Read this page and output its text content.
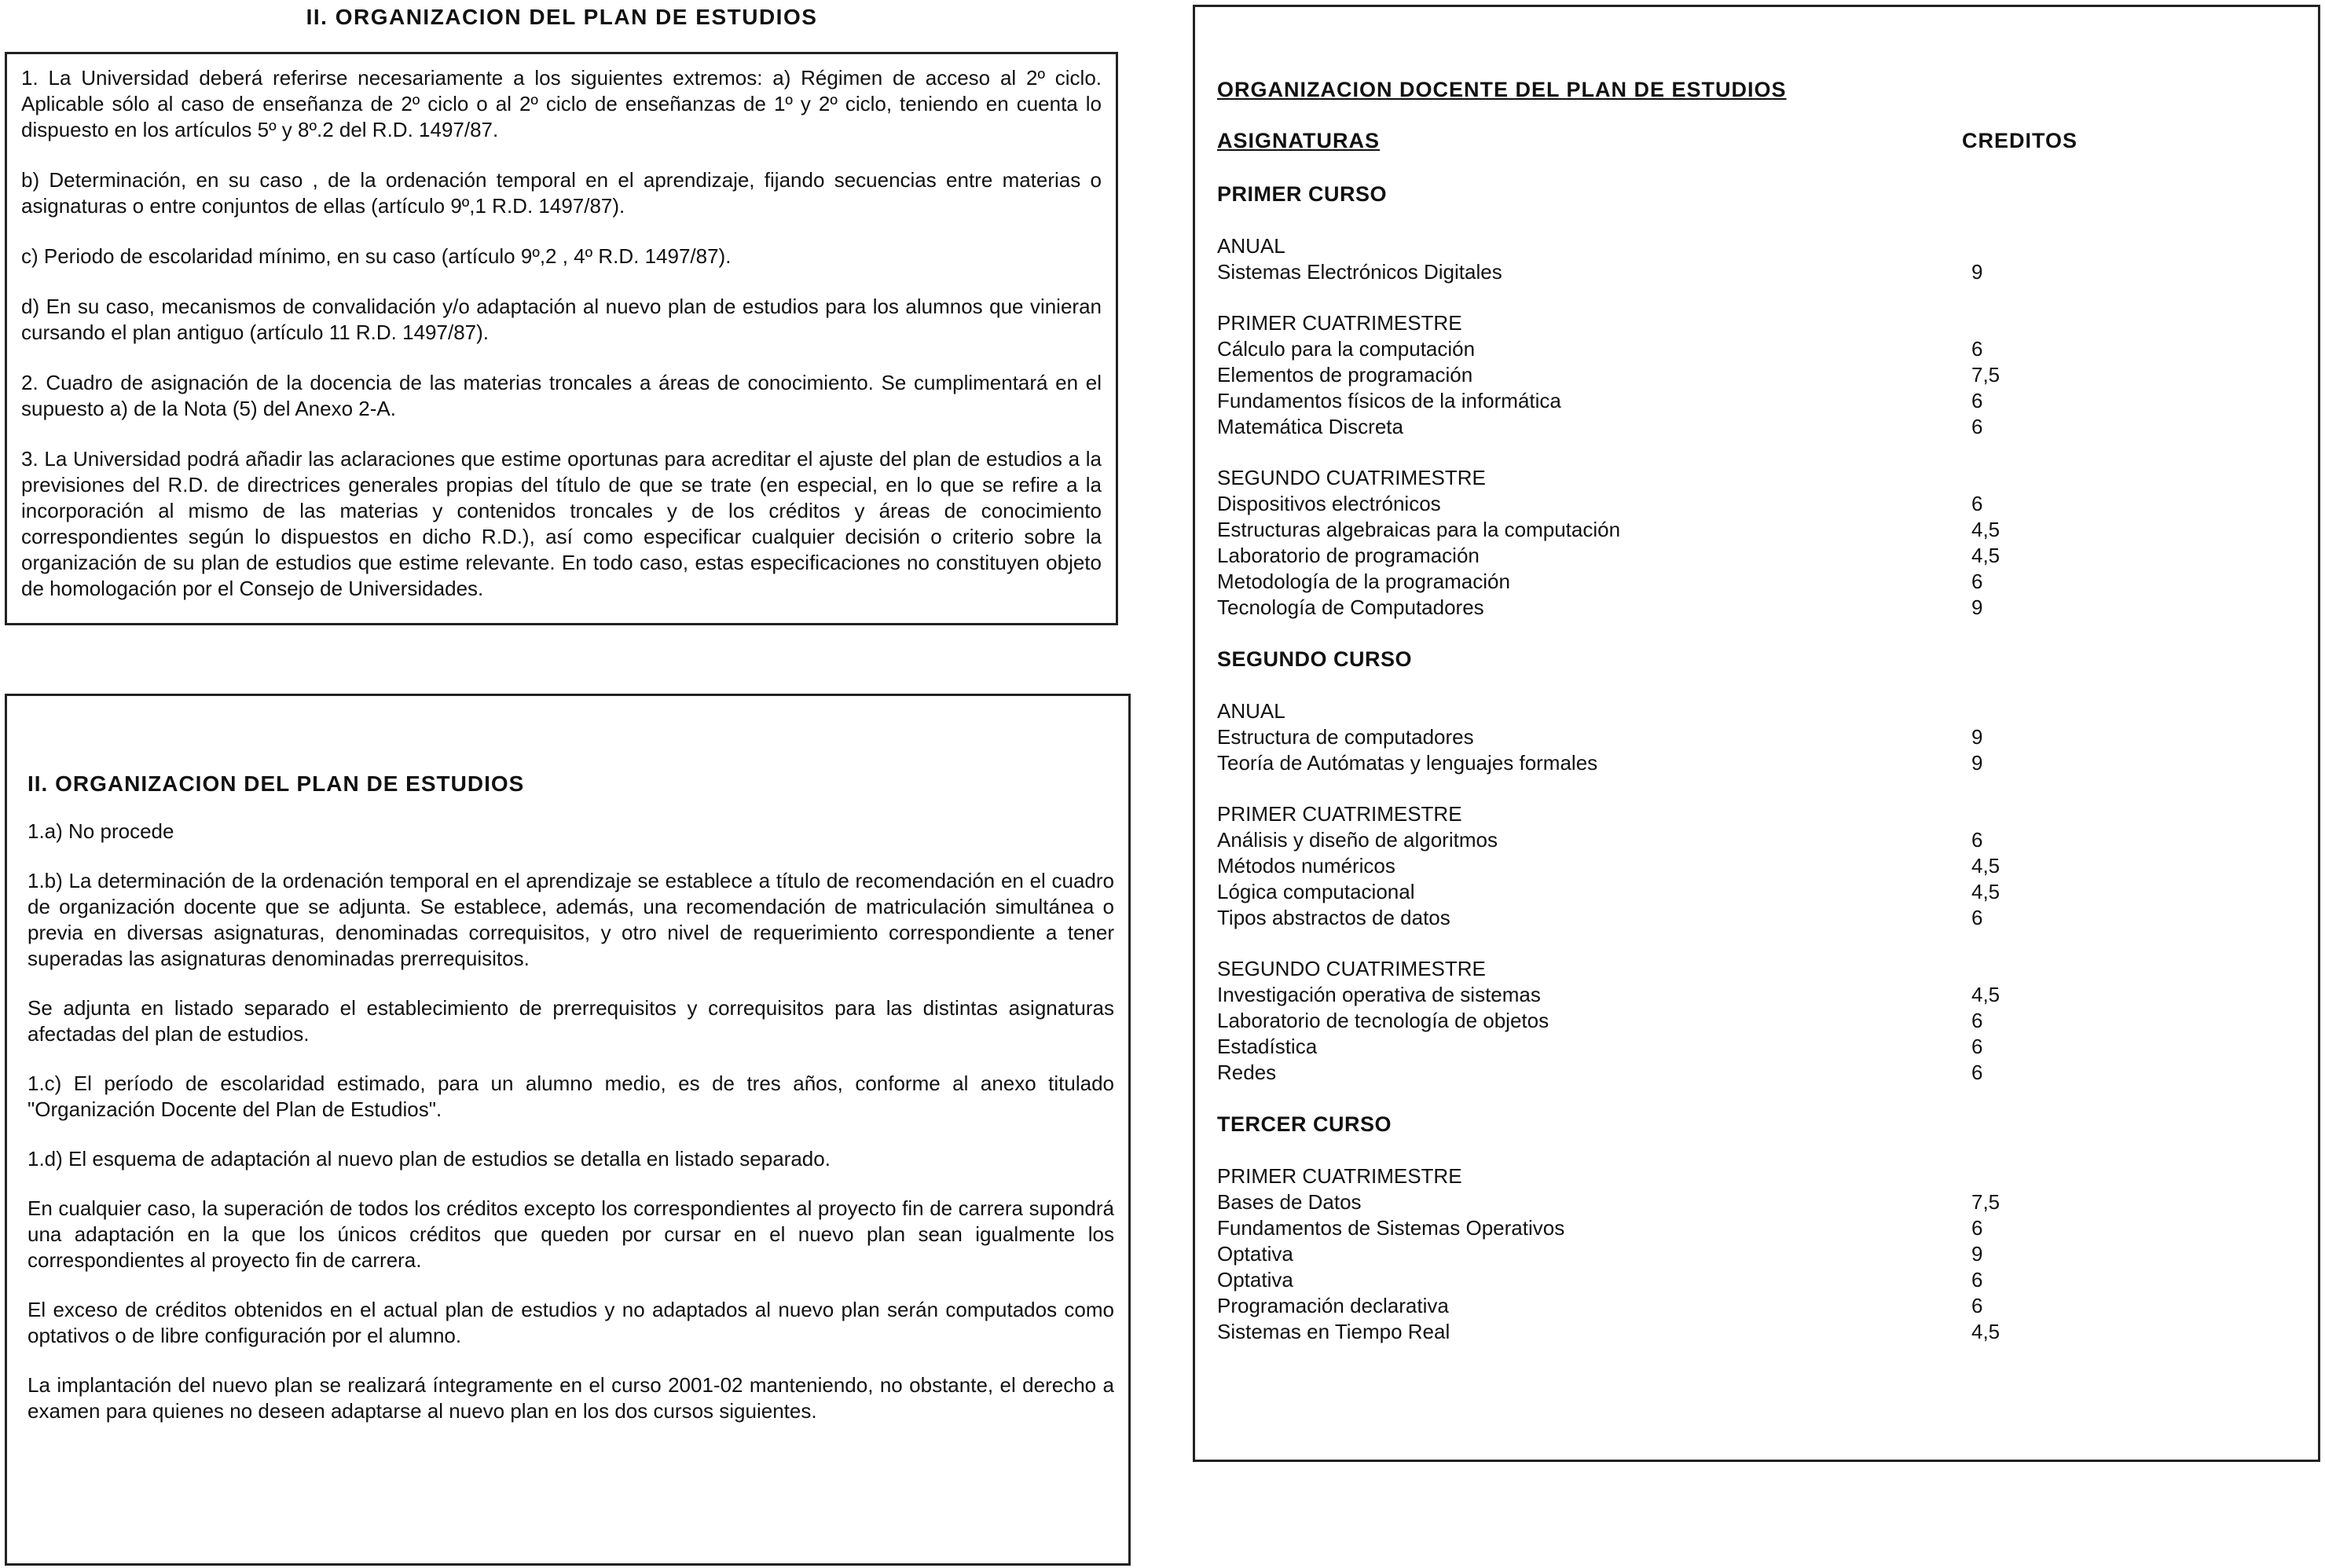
II. ORGANIZACION DEL PLAN DE ESTUDIOS

1. La Universidad deberá referirse necesariamente a los siguientes extremos: a) Régimen de acceso al 2º ciclo. Aplicable sólo al caso de enseñanza de 2º ciclo o al 2º ciclo de enseñanzas de 1º y 2º ciclo, teniendo en cuenta lo dispuesto en los artículos 5º y 8º.2 del R.D. 1497/87.

b) Determinación, en su caso , de la ordenación temporal en el aprendizaje, fijando secuencias entre materias o asignaturas o entre conjuntos de ellas (artículo 9º,1 R.D. 1497/87).

c) Periodo de escolaridad mínimo, en su caso (artículo 9º,2 , 4º R.D. 1497/87).

d) En su caso, mecanismos de convalidación y/o adaptación al nuevo plan de estudios para los alumnos que vinieran cursando el plan antiguo (artículo 11 R.D. 1497/87).

2. Cuadro de asignación de la docencia de las materias troncales a áreas de conocimiento. Se cumplimentará en el supuesto a) de la Nota (5) del Anexo 2-A.

3. La Universidad podrá añadir las aclaraciones que estime oportunas para acreditar el ajuste del plan de estudios a la previsiones del R.D. de directrices generales propias del título de que se trate (en especial, en lo que se refire a la incorporación al mismo de las materias y contenidos troncales y de los créditos y áreas de conocimiento correspondientes según lo dispuestos en dicho R.D.), así como especificar cualquier decisión o criterio sobre la organización de su plan de estudios que estime relevante. En todo caso, estas especificaciones no constituyen objeto de homologación por el Consejo de Universidades.

II. ORGANIZACION DEL PLAN DE ESTUDIOS

1.a) No procede

1.b) La determinación de la ordenación temporal en el aprendizaje se establece a título de recomendación en el cuadro de organización docente que se adjunta. Se establece, además, una recomendación de matriculación simultánea o previa en diversas asignaturas, denominadas correquisitos, y otro nivel de requerimiento correspondiente a tener superadas las asignaturas denominadas prerrequisitos.

Se adjunta en listado separado el establecimiento de prerrequisitos y correquisitos para las distintas asignaturas afectadas del plan de estudios.

1.c) El período de escolaridad estimado, para un alumno medio, es de tres años, conforme al anexo titulado "Organización Docente del Plan de Estudios".

1.d) El esquema de adaptación al nuevo plan de estudios se detalla en listado separado.

En cualquier caso, la superación de todos los créditos excepto los correspondientes al proyecto fin de carrera supondrá una adaptación en la que los únicos créditos que queden por cursar en el nuevo plan sean igualmente los correspondientes al proyecto fin de carrera.

El exceso de créditos obtenidos en el actual plan de estudios y no adaptados al nuevo plan serán computados como optativos o de libre configuración por el alumno.

La implantación del nuevo plan se realizará íntegramente en el curso 2001-02 manteniendo, no obstante, el derecho a examen para quienes no deseen adaptarse al nuevo plan en los dos cursos siguientes.

ORGANIZACION DOCENTE DEL PLAN DE ESTUDIOS

ASIGNATURAS	CREDITOS
PRIMER CURSO
ANUAL
Sistemas Electrónicos Digitales	9
PRIMER CUATRIMESTRE
Cálculo para la computación	6
Elementos de programación	7,5
Fundamentos físicos de la informática	6
Matemática Discreta	6
SEGUNDO CUATRIMESTRE
Dispositivos electrónicos	6
Estructuras algebraicas para la computación	4,5
Laboratorio de programación	4,5
Metodología de la programación	6
Tecnología de Computadores	9
SEGUNDO CURSO
ANUAL
Estructura de computadores	9
Teoría de Autómatas y lenguajes formales	9
PRIMER CUATRIMESTRE
Análisis y diseño de algoritmos	6
Métodos numéricos	4,5
Lógica computacional	4,5
Tipos abstractos de datos	6
SEGUNDO CUATRIMESTRE
Investigación operativa de sistemas	4,5
Laboratorio de tecnología de objetos	6
Estadística	6
Redes	6
TERCER CURSO
PRIMER CUATRIMESTRE
Bases de Datos	7,5
Fundamentos de Sistemas Operativos	6
Optativa	9
Optativa	6
Programación declarativa	6
Sistemas en Tiempo Real	4,5
